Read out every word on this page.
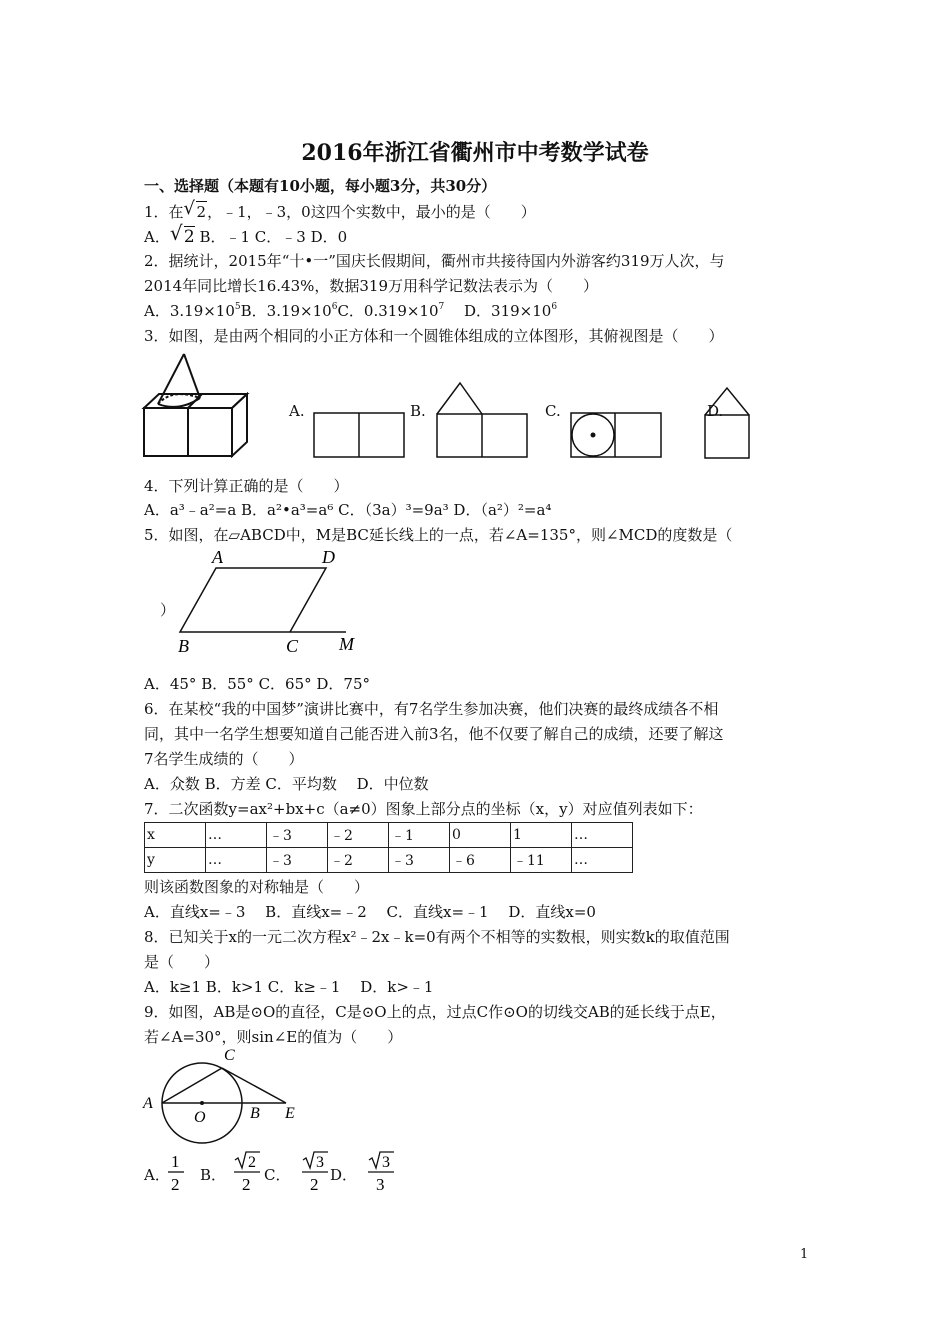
2016年浙江省衢州市中考数学试卷
一、选择题（本题有10小题，每小题3分，共30分）
1．在 √ 2，﹣1，﹣3，0这四个实数中，最小的是（　　）
A． √ 2 B．﹣1 C．﹣3 D．0
2．据统计，2015年“十•一”国庆长假期间，衢州市共接待国内外游客约319万人次，与
2014年同比增长16.43%，数据319万用科学记数法表示为（　　）
A．$3.19\times 10^5B$．$3.19\times 10^6C$．$0.319\times 10^7$　 D．$319\times 10^6$
3．如图，是由两个相同的小正方体和一个圆锥体组成的立体图形，其俯视图是（　　）
A.	B.	C.	D.
4．下列计算正确的是（　　）
A．a³﹣a²=a B．a²•a³=a⁶ C．（3a）³=9a³ D．（a²）²=a⁴
5．如图，在▱ABCD中，M是BC延长线上的一点，若∠A=135°，则∠MCD的度数是（
）
A	D
B	C M
A．45° B．55° C．65° D．75°
6．在某校“我的中国梦”演讲比赛中，有7名学生参加决赛，他们决赛的最终成绩各不相
同，其中一名学生想要知道自己能否进入前3名，他不仅要了解自己的成绩，还要了解这
7名学生成绩的（　　）
A．众数 B．方差 C．平均数　 D．中位数
7．二次函数y=ax²+bx+c（a≠0）图象上部分点的坐标（x，y）对应值列表如下：
x	…	﹣3	﹣2	﹣1	0	1	…
y	…	﹣3	﹣2	﹣3	﹣6	﹣11	…
则该函数图象的对称轴是（　　）
A．直线x=﹣3　 B．直线x=﹣2　 C．直线x=﹣1　 D．直线x=0
8．已知关于x的一元二次方程x²﹣2x﹣k=0有两个不相等的实数根，则实数k的取值范围
是（　　）
A．k≥1 B．k>1 C．k≥﹣1　 D．k>﹣1
9．如图，AB是⊙O的直径，C是⊙O上的点，过点C作⊙O的切线交AB的延长线于点E，
若∠A=30°，则sin∠E的值为（　　）
C
A
O	B E
A．
1
2 B．
2
2 C．
3
2 D．
3
3
1
